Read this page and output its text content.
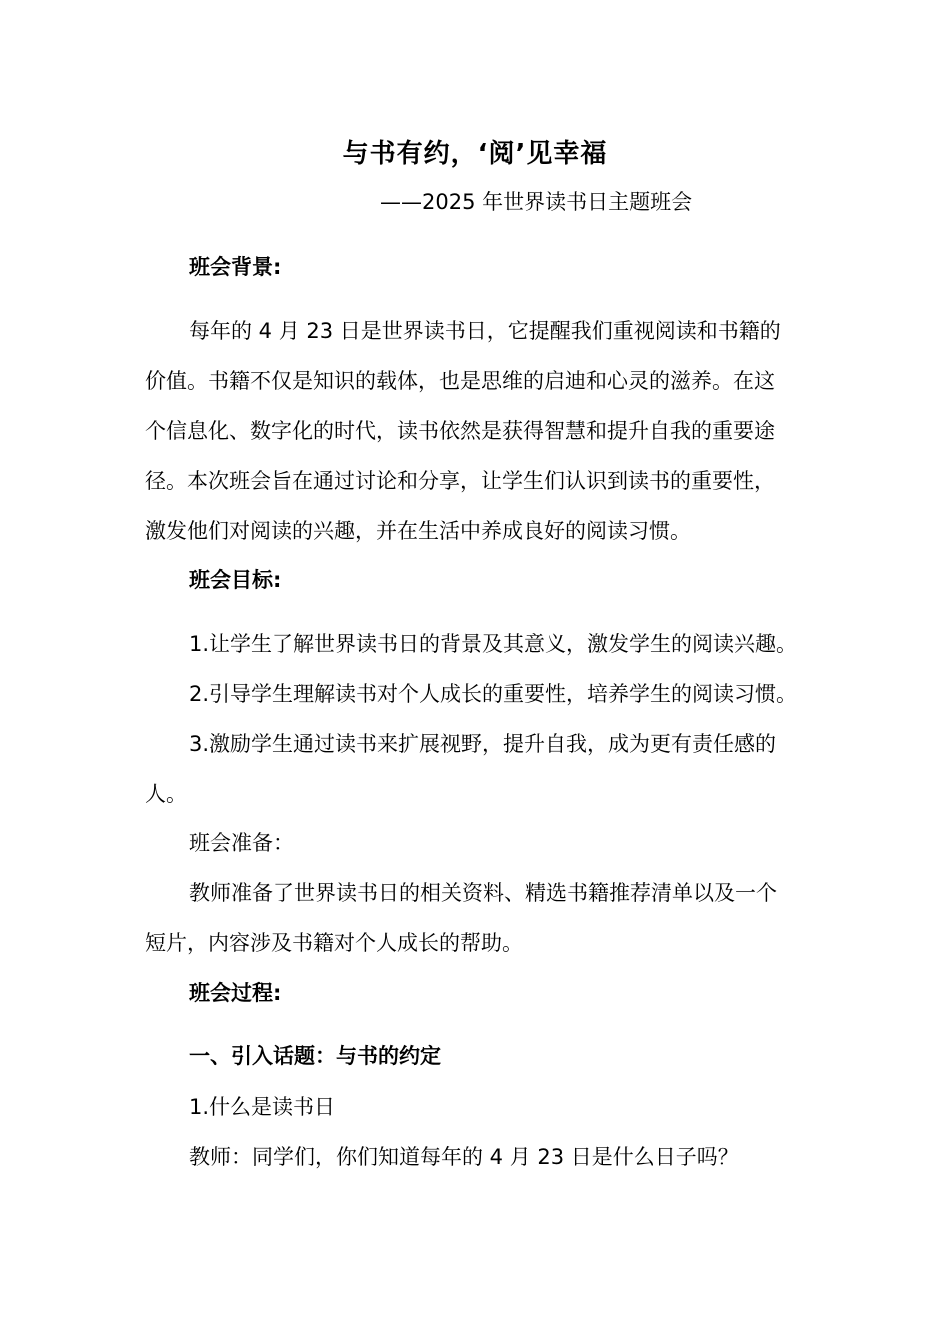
与书有约，‘阅’见幸福
——2025 年世界读书日主题班会
班会背景:
每年的 4 月 23 日是世界读书日，它提醒我们重视阅读和书籍的
价值。书籍不仅是知识的载体，也是思维的启迪和心灵的滋养。在这
个信息化、数字化的时代，读书依然是获得智慧和提升自我的重要途
径。本次班会旨在通过讨论和分享，让学生们认识到读书的重要性，
激发他们对阅读的兴趣，并在生活中养成良好的阅读习惯。
班会目标:
1.让学生了解世界读书日的背景及其意义，激发学生的阅读兴趣。
2.引导学生理解读书对个人成长的重要性，培养学生的阅读习惯。
3.激励学生通过读书来扩展视野，提升自我，成为更有责任感的
人。
班会准备：
教师准备了世界读书日的相关资料、精选书籍推荐清单以及一个
短片，内容涉及书籍对个人成长的帮助。
班会过程:
一、引入话题：与书的约定
1.什么是读书日
教师：同学们，你们知道每年的 4 月 23 日是什么日子吗？
